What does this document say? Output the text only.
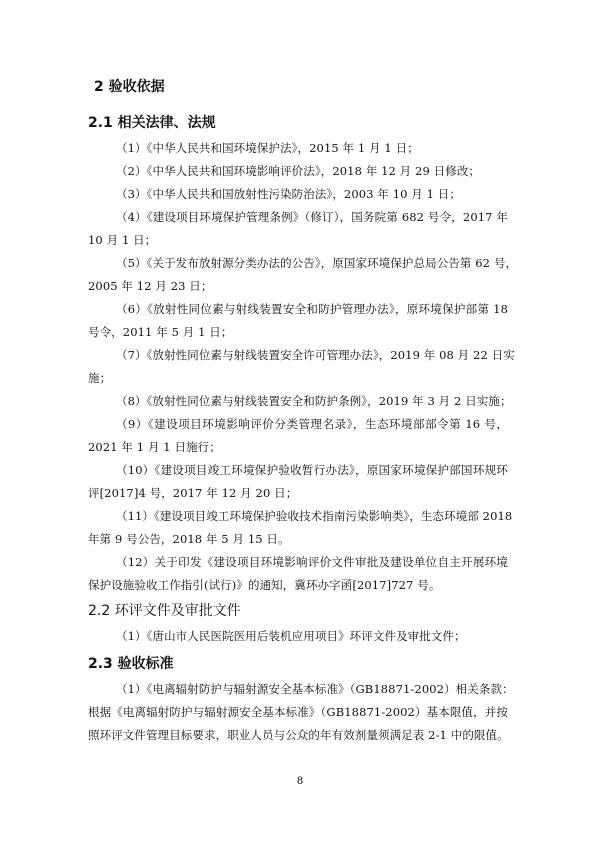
2 验收依据
2.1 相关法律、法规

（1）《中华人民共和国环境保护法》，2015 年 1 月 1 日；

（2）《中华人民共和国环境影响评价法》，2018 年 12 月 29 日修改；

（3）《中华人民共和国放射性污染防治法》，2003 年 10 月 1 日；

（4）《建设项目环境保护管理条例》（修订），国务院第 682 号令，2017 年

10 月 1 日；

（5）《关于发布放射源分类办法的公告》，原国家环境保护总局公告第 62 号，

2005 年 12 月 23 日；

（6）《放射性同位素与射线装置安全和防护管理办法》，原环境保护部第 18

号令，2011 年 5 月 1 日；

（7）《放射性同位素与射线装置安全许可管理办法》，2019 年 08 月 22 日实

施；

（8）《放射性同位素与射线装置安全和防护条例》，2019 年 3 月 2 日实施；

（9）《建设项目环境影响评价分类管理名录》，生态环境部部令第 16 号，

2021 年 1 月 1 日施行；

（10）《建设项目竣工环境保护验收暂行办法》，原国家环境保护部国环规环

评[2017]4 号，2017 年 12 月 20 日；

（11）《建设项目竣工环境保护验收技术指南污染影响类》，生态环境部 2018

年第 9 号公告，2018 年 5 月 15 日。

（12）关于印发《建设项目环境影响评价文件审批及建设单位自主开展环境

保护设施验收工作指引(试行)》的通知，冀环办字函[2017]727 号。

2.2 环评文件及审批文件

（1）《唐山市人民医院医用后装机应用项目》环评文件及审批文件；

2.3 验收标准

（1）《电离辐射防护与辐射源安全基本标准》（GB18871-2002）相关条款：

根据《电离辐射防护与辐射源安全基本标准》（GB18871-2002）基本限值，并按

照环评文件管理目标要求，职业人员与公众的年有效剂量须满足表 2-1 中的限值。

8
